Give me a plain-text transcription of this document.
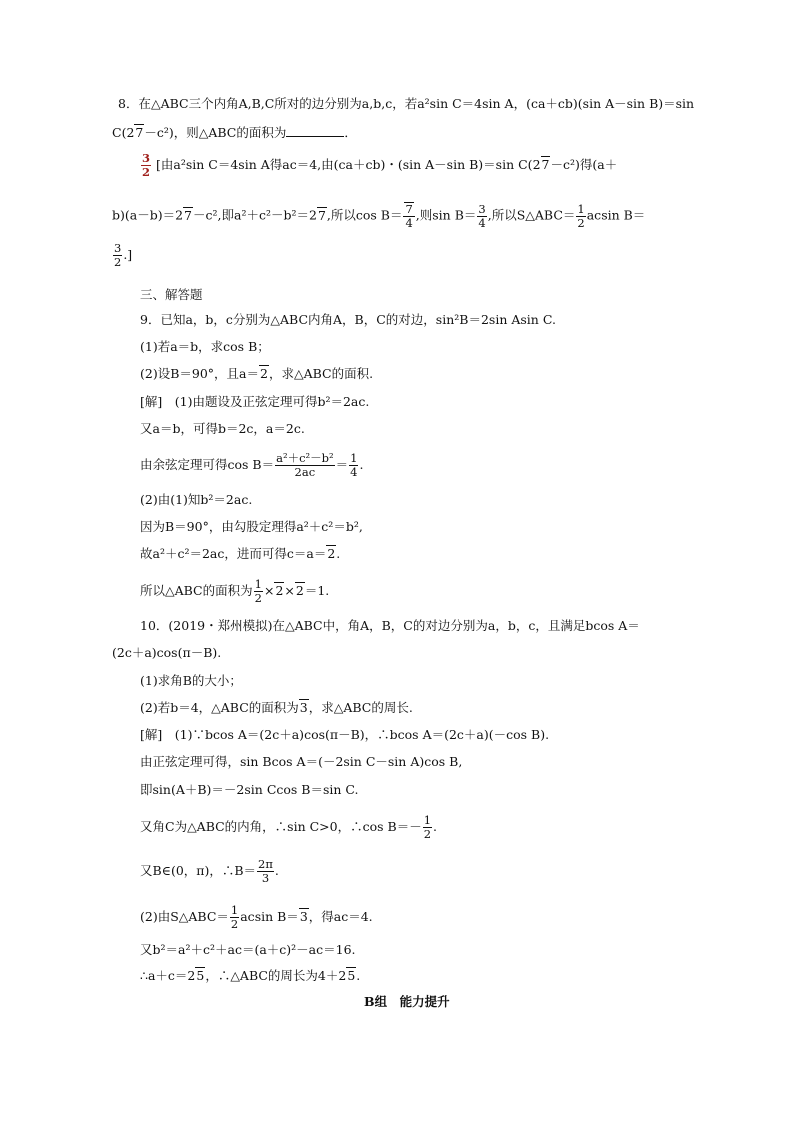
8．在△ABC三个内角A,B,C所对的边分别为a,b,c，若a²sin C＝4sin A，(ca＋cb)(sin A－sin B)＝sin
C(27－c²)，则△ABC的面积为	．
$\frac{3}{2}$ [由a²sin C＝4sin A得ac＝4,由(ca＋cb)・(sin A－sin B)＝sin C(27－c²)得(a＋
b)(a－b)＝27－c²,即a²＋c²－b²＝27,所以$\cos B= \frac{7}{4}$ ,则$\sin B= \frac{3}{4}$ ,所以S△ABC＝ $\frac{1}{2}$ acsin B＝
$\frac{3}{2}$ .]
三、解答题
9．已知a，b，c分别为△ABC内角A，B，C的对边，sin²B＝2sin Asin C.
(1)若a＝b，求cos B；
(2)设B＝90°，且a＝2，求△ABC的面积.
[解]　(1)由题设及正弦定理可得b²＝2ac.
又a＝b，可得b＝2c，a＝2c.
由余弦定理可得$\cos B= \frac{\text{a²＋c²－b²}}{2ac} = \frac{1}{4}$ .
(2)由(1)知b²＝2ac.
因为B＝90°，由勾股定理得a²＋c²＝b²,
故a²＋c²＝2ac，进而可得c＝a＝2.
所以△ABC的面积为 $\frac{1}{2} \times 2\times 2=1$.
10．(2019・郑州模拟)在△ABC中，角A，B，C的对边分别为a，b，c，且满足bcos A＝
(2c＋a)cos(π－B).
(1)求角B的大小；
(2)若b＝4，△ABC的面积为3，求△ABC的周长.
[解]　(1)∵bcos A＝(2c＋a)cos(π－B)，∴bcos A＝(2c＋a)(－cos B).
由正弦定理可得，sin Bcos A＝(－2sin C－sin A)cos B,
即sin(A＋B)＝－2sin Ccos B＝sin C.
又角C为△ABC的内角，∴sin C>0，∴cos $B=- \frac{1}{2}$ .
又B∈(0，π)，∴B＝ $\frac{2\pi}{3}$ .
(2)由S△ABC＝ $\frac{1}{2}$ acsin B＝3，得ac＝4.
又b²＝a²＋c²＋ac＝(a＋c)²－ac＝16.
∴a＋c＝25，∴△ABC的周长为4＋25.
B组　能力提升
